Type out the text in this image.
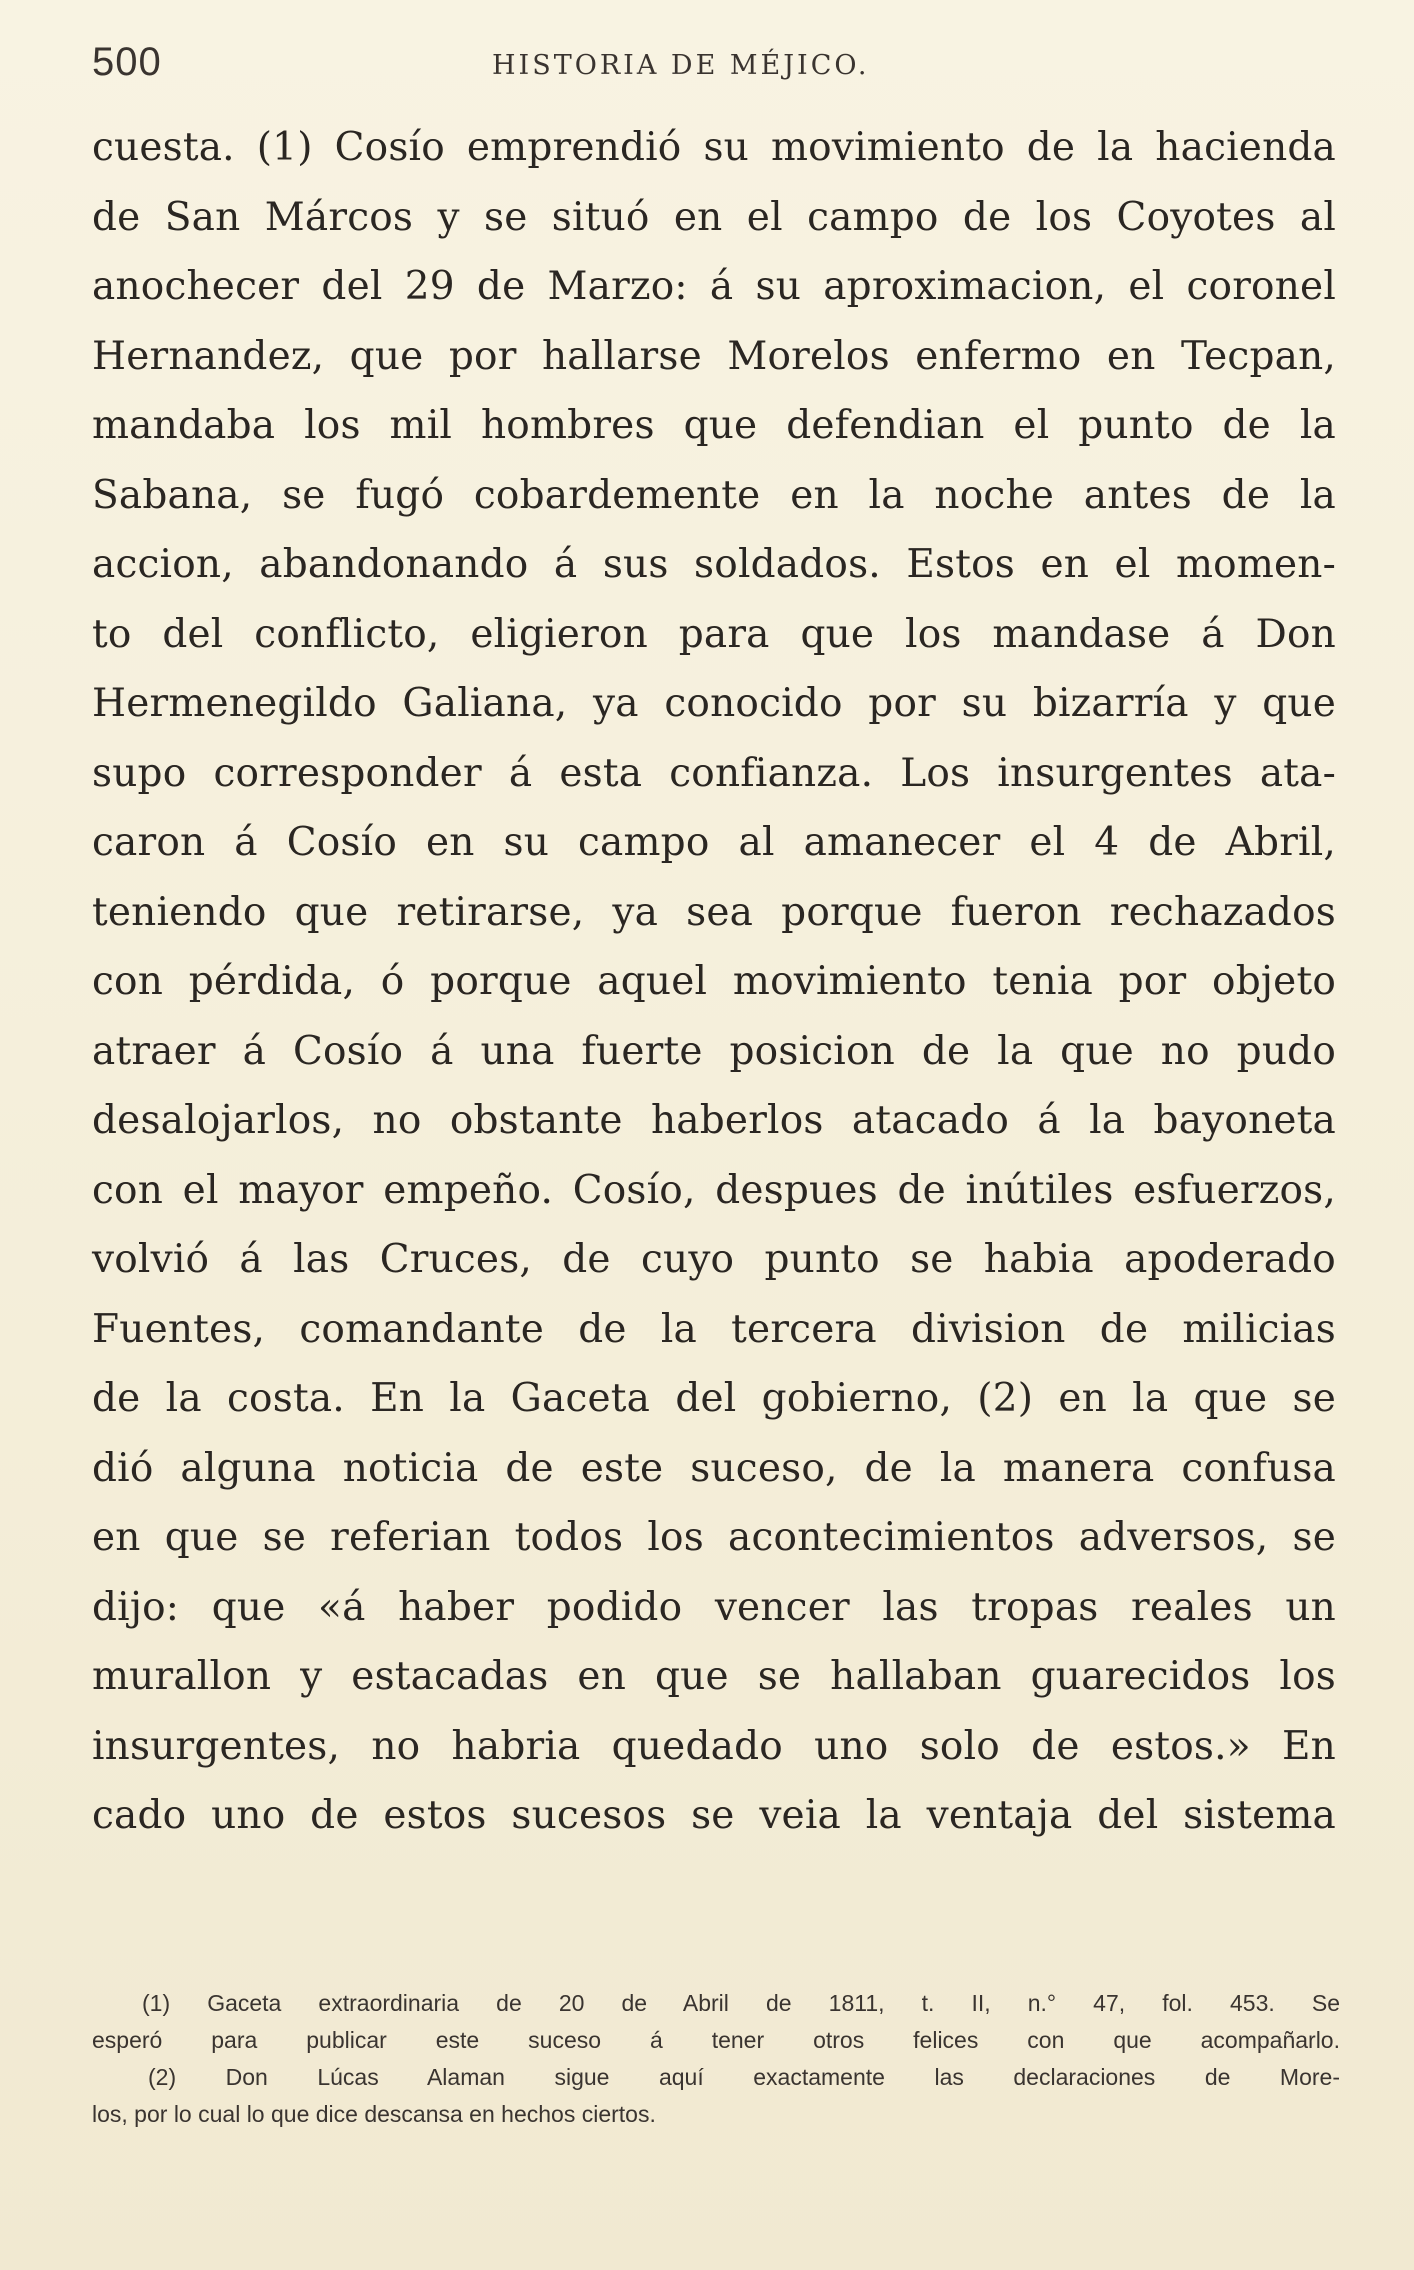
500	HISTORIA DE MÉJICO.
cuesta. (1) Cosío emprendió su movimiento de la hacienda
de San Márcos y se situó en el campo de los Coyotes al
anochecer del 29 de Marzo: á su aproximacion, el coronel
Hernandez, que por hallarse Morelos enfermo en Tecpan,
mandaba los mil hombres que defendian el punto de la
Sabana, se fugó cobardemente en la noche antes de la
accion, abandonando á sus soldados. Estos en el momen-
to del conflicto, eligieron para que los mandase á Don
Hermenegildo Galiana, ya conocido por su bizarría y que
supo corresponder á esta confianza. Los insurgentes ata-
caron á Cosío en su campo al amanecer el 4 de Abril,
teniendo que retirarse, ya sea porque fueron rechazados
con pérdida, ó porque aquel movimiento tenia por objeto
atraer á Cosío á una fuerte posicion de la que no pudo
desalojarlos, no obstante haberlos atacado á la bayoneta
con el mayor empeño. Cosío, despues de inútiles esfuerzos,
volvió á las Cruces, de cuyo punto se habia apoderado
Fuentes, comandante de la tercera division de milicias
de la costa. En la Gaceta del gobierno, (2) en la que se
dió alguna noticia de este suceso, de la manera confusa
en que se referian todos los acontecimientos adversos, se
dijo: que «á haber podido vencer las tropas reales un
murallon y estacadas en que se hallaban guarecidos los
insurgentes, no habria quedado uno solo de estos.» En
cado uno de estos sucesos se veia la ventaja del sistema
(1) Gaceta extraordinaria de 20 de Abril de 1811, t. II, n.° 47, fol. 453. Se
esperó para publicar este suceso á tener otros felices con que acompañarlo.
(2) Don Lúcas Alaman sigue aquí exactamente las declaraciones de More-
los, por lo cual lo que dice descansa en hechos ciertos.
